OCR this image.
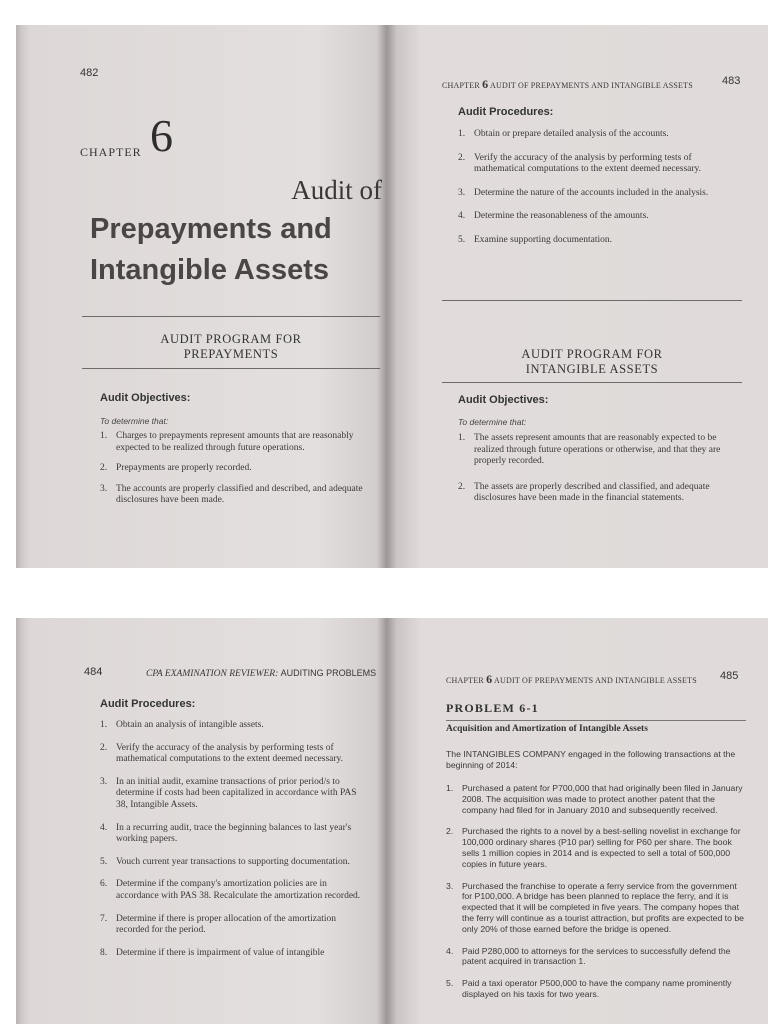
482
CHAPTER 6
Audit of
Prepayments and
Intangible Assets
AUDIT PROGRAM FOR
PREPAYMENTS
Audit Objectives:
To determine that:
1. Charges to prepayments represent amounts that are reasonably expected to be realized through future operations.
2. Prepayments are properly recorded.
3. The accounts are properly classified and described, and adequate disclosures have been made.
CHAPTER 6 AUDIT OF PREPAYMENTS AND INTANGIBLE ASSETS	483
Audit Procedures:
1. Obtain or prepare detailed analysis of the accounts.
2. Verify the accuracy of the analysis by performing tests of mathematical computations to the extent deemed necessary.
3. Determine the nature of the accounts included in the analysis.
4. Determine the reasonableness of the amounts.
5. Examine supporting documentation.
AUDIT PROGRAM FOR
INTANGIBLE ASSETS
Audit Objectives:
To determine that:
1. The assets represent amounts that are reasonably expected to be realized through future operations or otherwise, and that they are properly recorded.
2. The assets are properly described and classified, and adequate disclosures have been made in the financial statements.
484	CPA EXAMINATION REVIEWER: AUDITING PROBLEMS
Audit Procedures:
1. Obtain an analysis of intangible assets.
2. Verify the accuracy of the analysis by performing tests of mathematical computations to the extent deemed necessary.
3. In an initial audit, examine transactions of prior period/s to determine if costs had been capitalized in accordance with PAS 38, Intangible Assets.
4. In a recurring audit, trace the beginning balances to last year's working papers.
5. Vouch current year transactions to supporting documentation.
6. Determine if the company's amortization policies are in accordance with PAS 38. Recalculate the amortization recorded.
7. Determine if there is proper allocation of the amortization recorded for the period.
8. Determine if there is impairment of value of intangible
CHAPTER 6 AUDIT OF PREPAYMENTS AND INTANGIBLE ASSETS 485
PROBLEM 6-1
Acquisition and Amortization of Intangible Assets
The INTANGIBLES COMPANY engaged in the following transactions at the beginning of 2014:
1. Purchased a patent for P700,000 that had originally been filed in January 2008. The acquisition was made to protect another patent that the company had filed for in January 2010 and subsequently received.
2. Purchased the rights to a novel by a best-selling novelist in exchange for 100,000 ordinary shares (P10 par) selling for P60 per share. The book sells 1 million copies in 2014 and is expected to sell a total of 500,000 copies in future years.
3. Purchased the franchise to operate a ferry service from the government for P100,000. A bridge has been planned to replace the ferry, and it is expected that it will be completed in five years. The company hopes that the ferry will continue as a tourist attraction, but profits are expected to be only 20% of those earned before the bridge is opened.
4. Paid P280,000 to attorneys for the services to successfully defend the patent acquired in transaction 1.
5. Paid a taxi operator P500,000 to have the company name prominently displayed on his taxis for two years.
